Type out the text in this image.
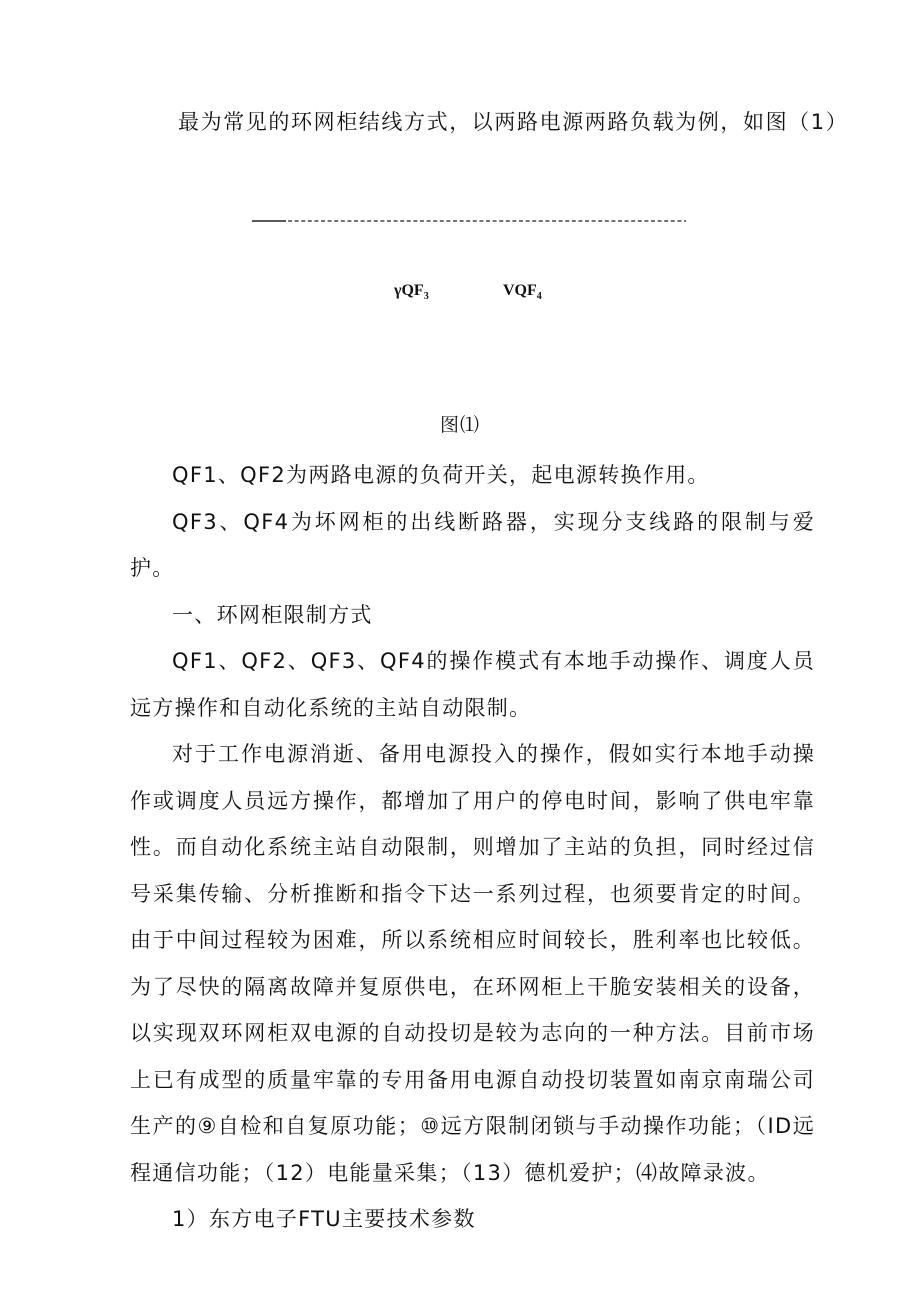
最为常见的环网柜结线方式，以两路电源两路负载为例，如图（1）
γQF$_3$	$VQF_4$
图⑴

QF1、QF2为两路电源的负荷开关，起电源转换作用。

QF3、QF4为坏网柜的出线断路器，实现分支线路的限制与爱护。

一、环网柜限制方式

QF1、QF2、QF3、QF4的操作模式有本地手动操作、调度人员远方操作和自动化系统的主站自动限制。

对于工作电源消逝、备用电源投入的操作，假如实行本地手动操作或调度人员远方操作，都增加了用户的停电时间，影响了供电牢靠性。而自动化系统主站自动限制，则增加了主站的负担，同时经过信号采集传输、分析推断和指令下达一系列过程，也须要肯定的时间。由于中间过程较为困难，所以系统相应时间较长，胜利率也比较低。为了尽快的隔离故障并复原供电，在环网柜上干脆安装相关的设备，以实现双环网柜双电源的自动投切是较为志向的一种方法。目前市场上已有成型的质量牢靠的专用备用电源自动投切装置如南京南瑞公司生产的⑨自检和自复原功能；⑩远方限制闭锁与手动操作功能；（ID远程通信功能；（12）电能量采集；（13）德机爱护；⑷故障录波。

1）东方电子FTU主要技术参数
